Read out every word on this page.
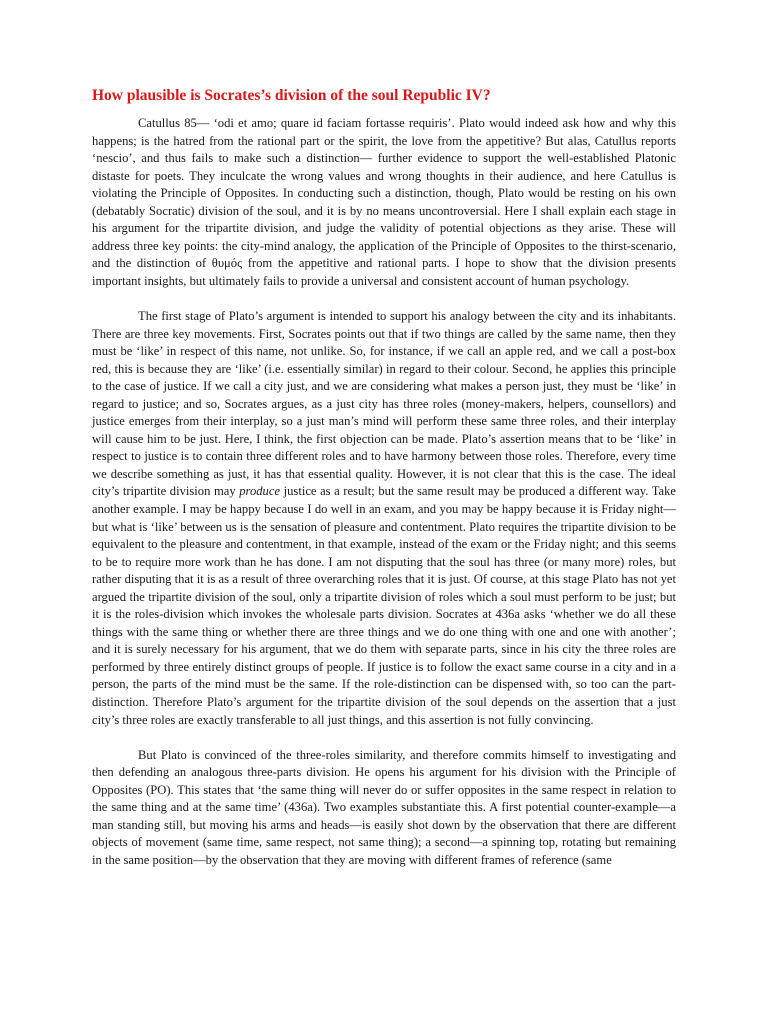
How plausible is Socrates’s division of the soul Republic IV?

Catullus 85— ‘odi et amo; quare id faciam fortasse requiris’. Plato would indeed ask how and why this happens; is the hatred from the rational part or the spirit, the love from the appetitive? But alas, Catullus reports ‘nescio’, and thus fails to make such a distinction— further evidence to support the well-established Platonic distaste for poets. They inculcate the wrong values and wrong thoughts in their audience, and here Catullus is violating the Principle of Opposites. In conducting such a distinction, though, Plato would be resting on his own (debatably Socratic) division of the soul, and it is by no means uncontroversial. Here I shall explain each stage in his argument for the tripartite division, and judge the validity of potential objections as they arise. These will address three key points: the city-mind analogy, the application of the Principle of Opposites to the thirst-scenario, and the distinction of θυμός from the appetitive and rational parts. I hope to show that the division presents important insights, but ultimately fails to provide a universal and consistent account of human psychology.

The first stage of Plato’s argument is intended to support his analogy between the city and its inhabitants. There are three key movements. First, Socrates points out that if two things are called by the same name, then they must be ‘like’ in respect of this name, not unlike. So, for instance, if we call an apple red, and we call a post-box red, this is because they are ‘like’ (i.e. essentially similar) in regard to their colour. Second, he applies this principle to the case of justice. If we call a city just, and we are considering what makes a person just, they must be ‘like’ in regard to justice; and so, Socrates argues, as a just city has three roles (money-makers, helpers, counsellors) and justice emerges from their interplay, so a just man’s mind will perform these same three roles, and their interplay will cause him to be just. Here, I think, the first objection can be made. Plato’s assertion means that to be ‘like’ in respect to justice is to contain three different roles and to have harmony between those roles. Therefore, every time we describe something as just, it has that essential quality. However, it is not clear that this is the case. The ideal city’s tripartite division may produce justice as a result; but the same result may be produced a different way. Take another example. I may be happy because I do well in an exam, and you may be happy because it is Friday night—but what is ‘like’ between us is the sensation of pleasure and contentment. Plato requires the tripartite division to be equivalent to the pleasure and contentment, in that example, instead of the exam or the Friday night; and this seems to be to require more work than he has done. I am not disputing that the soul has three (or many more) roles, but rather disputing that it is as a result of three overarching roles that it is just. Of course, at this stage Plato has not yet argued the tripartite division of the soul, only a tripartite division of roles which a soul must perform to be just; but it is the roles-division which invokes the wholesale parts division. Socrates at 436a asks ‘whether we do all these things with the same thing or whether there are three things and we do one thing with one and one with another’; and it is surely necessary for his argument, that we do them with separate parts, since in his city the three roles are performed by three entirely distinct groups of people. If justice is to follow the exact same course in a city and in a person, the parts of the mind must be the same. If the role-distinction can be dispensed with, so too can the part-distinction. Therefore Plato’s argument for the tripartite division of the soul depends on the assertion that a just city’s three roles are exactly transferable to all just things, and this assertion is not fully convincing.

But Plato is convinced of the three-roles similarity, and therefore commits himself to investigating and then defending an analogous three-parts division. He opens his argument for his division with the Principle of Opposites (PO). This states that ‘the same thing will never do or suffer opposites in the same respect in relation to the same thing and at the same time’ (436a). Two examples substantiate this. A first potential counter-example—a man standing still, but moving his arms and heads—is easily shot down by the observation that there are different objects of movement (same time, same respect, not same thing); a second—a spinning top, rotating but remaining in the same position—by the observation that they are moving with different frames of reference (same
